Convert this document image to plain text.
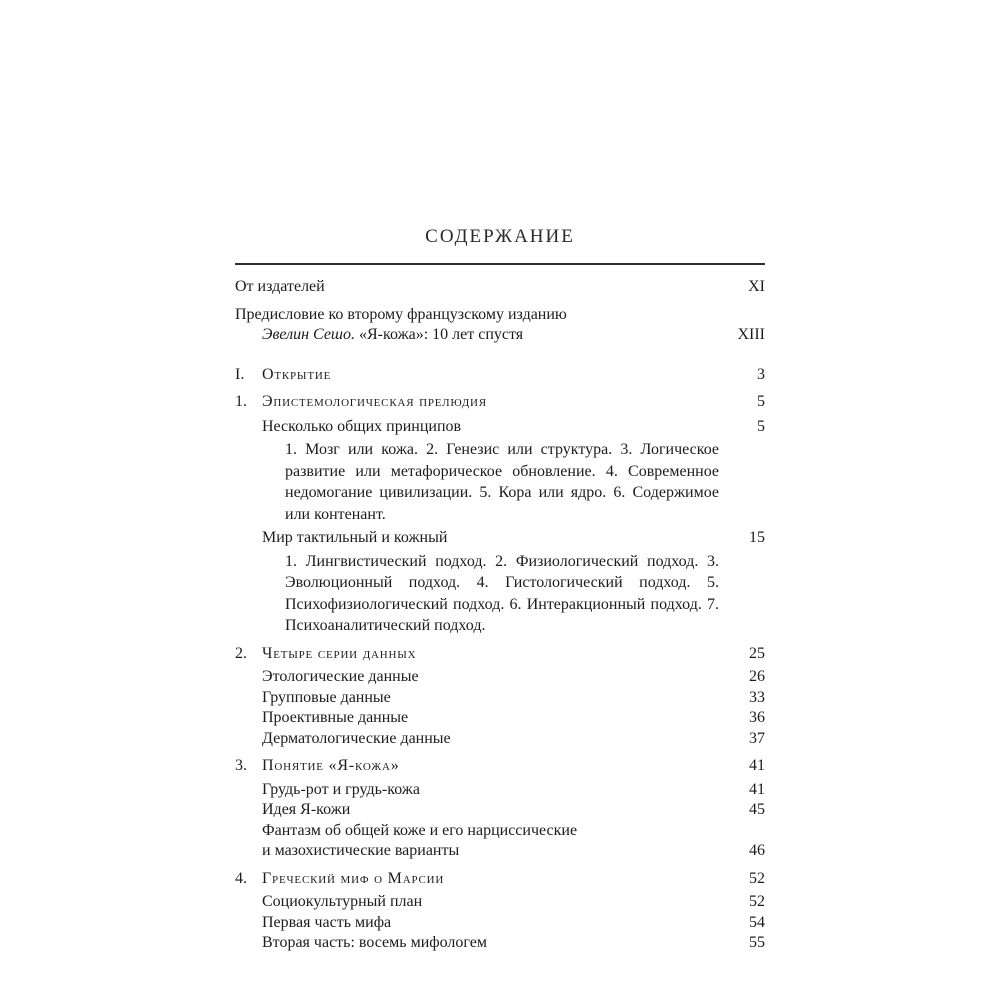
СОДЕРЖАНИЕ
От издателей	XI
Предисловие ко второму французскому изданию
Эвелин Сешо. «Я-кожа»: 10 лет спустя	XIII
I.	Открытие	3
1. Эпистемологическая прелюдия	5
Несколько общих принципов	5
1. Мозг или кожа. 2. Генезис или структура. 3. Логическое развитие или метафорическое обновление. 4. Современное недомогание цивилизации. 5. Кора или ядро. 6. Содержимое или контенант.
Мир тактильный и кожный	15
1. Лингвистический подход. 2. Физиологический подход. 3. Эволюционный подход. 4. Гистологический подход. 5. Психофизиологический подход. 6. Интеракционный подход. 7. Психоаналитический подход.
2. Четыре серии данных	25
Этологические данные	26
Групповые данные	33
Проективные данные	36
Дерматологические данные	37
3. Понятие «Я-кожа»	41
Грудь-рот и грудь-кожа	41
Идея Я-кожи	45
Фантазм об общей коже и его нарциссические
и мазохистические варианты	46
4. Греческий миф о Марсии	52
Социокультурный план	52
Первая часть мифа	54
Вторая часть: восемь мифологем	55
